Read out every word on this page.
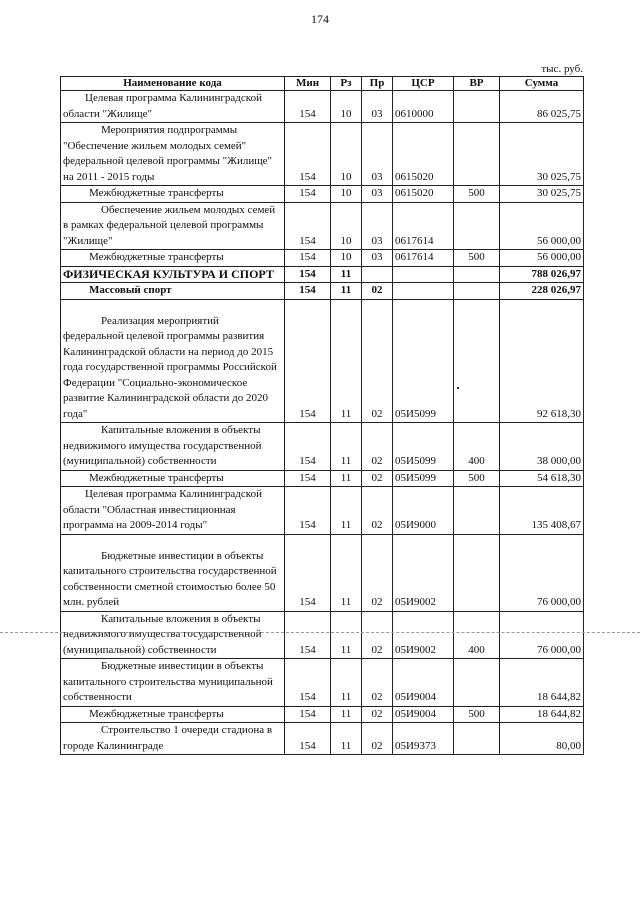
174
тыс. руб.
Наименование кода	Мин	Рз	Пр	ЦСР	ВР	Сумма
Целевая программа Калининградской области "Жилище"	154	10	03	0610000		86 025,75
Мероприятия подпрограммы "Обеспечение жильем молодых семей" федеральной целевой программы "Жилище" на 2011 - 2015 годы	154	10	03	0615020		30 025,75
Межбюджетные трансферты	154	10	03	0615020	500	30 025,75
Обеспечение жильем молодых семей в рамках федеральной целевой программы "Жилище"	154	10	03	0617614		56 000,00
Межбюджетные трансферты	154	10	03	0617614	500	56 000,00
ФИЗИЧЕСКАЯ КУЛЬТУРА И СПОРТ	154	11				788 026,97
Массовый спорт	154	11	02			228 026,97
Реализация мероприятий федеральной целевой программы развития Калининградской области на период до 2015 года государственной программы Российской Федерации "Социально-экономическое развитие Калининградской области до 2020 года"	154	11	02	05И5099		92 618,30
Капитальные вложения в объекты недвижимого имущества государственной (муниципальной) собственности	154	11	02	05И5099	400	38 000,00
Межбюджетные трансферты	154	11	02	05И5099	500	54 618,30
Целевая программа Калининградской области "Областная инвестиционная программа на 2009-2014 годы"	154	11	02	05И9000		135 408,67
Бюджетные инвестиции в объекты капитального строительства государственной собственности сметной стоимостью более 50 млн. рублей	154	11	02	05И9002		76 000,00
Капитальные вложения в объекты недвижимого имущества государственной (муниципальной) собственности	154	11	02	05И9002	400	76 000,00
Бюджетные инвестиции в объекты капитального строительства муниципальной собственности	154	11	02	05И9004		18 644,82
Межбюджетные трансферты	154	11	02	05И9004	500	18 644,82
Строительство 1 очереди стадиона в городе Калининграде	154	11	02	05И9373		80,00
